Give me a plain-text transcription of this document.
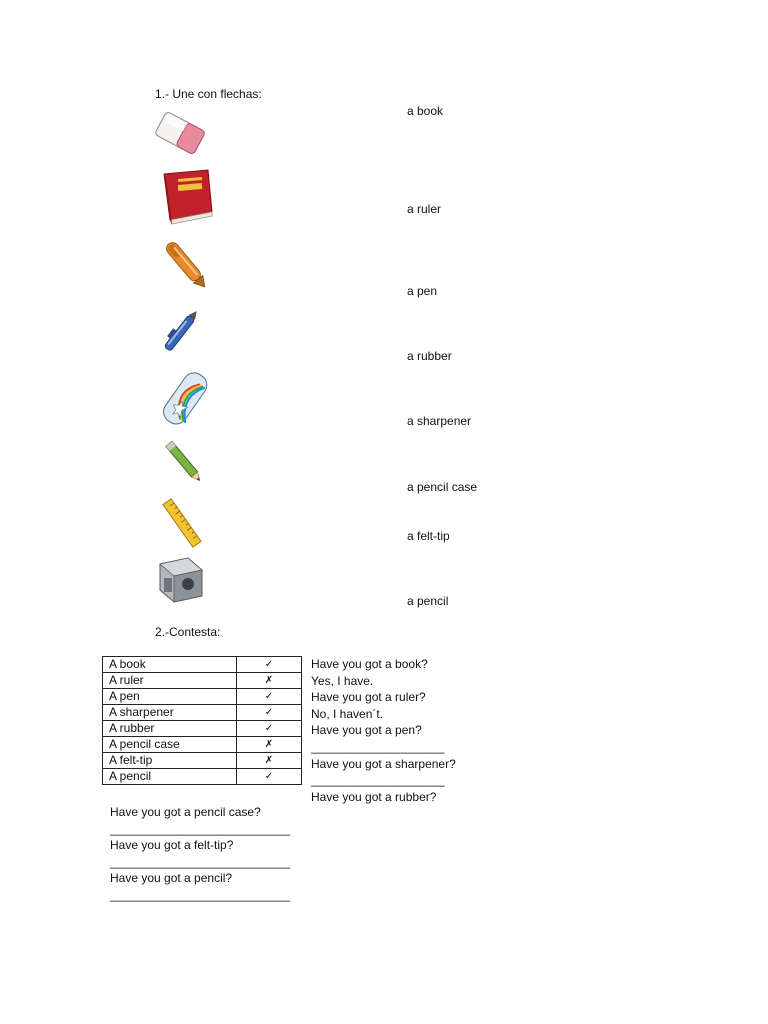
1.- Une con flechas:
a book
a ruler
a pen
a rubber
a sharpener
a pencil case
a felt-tip
a pencil
2.-Contesta:
A book	✓
A ruler	✗
A pen	✓
A sharpener	✓
A rubber	✓
A pencil case	✗
A felt-tip	✗
A pencil	✓
Have you got a book?
Yes, I have.
Have you got a ruler?
No, I haven´t.
Have you got a pen?
____________________
Have you got a sharpener?
____________________
Have you got a rubber?
Have you got a pencil case?
___________________________
Have you got a felt-tip?
___________________________
Have you got a pencil?
___________________________
